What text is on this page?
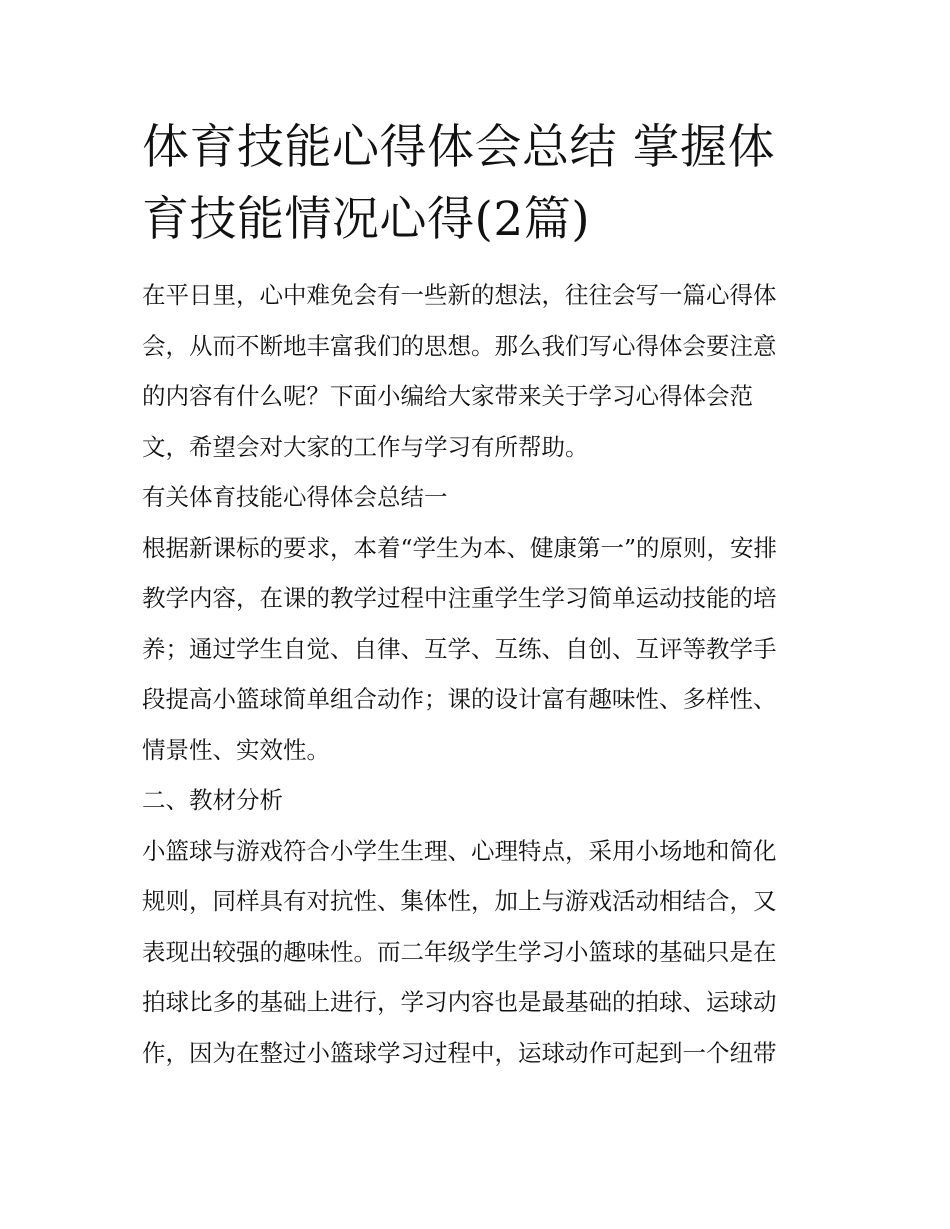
体育技能心得体会总结 掌握体
育技能情况心得(2篇)
在平日里，心中难免会有一些新的想法，往往会写一篇心得体
会，从而不断地丰富我们的思想。那么我们写心得体会要注意
的内容有什么呢？下面小编给大家带来关于学习心得体会范
文，希望会对大家的工作与学习有所帮助。
有关体育技能心得体会总结一
根据新课标的要求，本着“学生为本、健康第一”的原则，安排
教学内容，在课的教学过程中注重学生学习简单运动技能的培
养；通过学生自觉、自律、互学、互练、自创、互评等教学手
段提高小篮球简单组合动作；课的设计富有趣味性、多样性、
情景性、实效性。
二、教材分析
小篮球与游戏符合小学生生理、心理特点，采用小场地和简化
规则，同样具有对抗性、集体性，加上与游戏活动相结合，又
表现出较强的趣味性。而二年级学生学习小篮球的基础只是在
拍球比多的基础上进行，学习内容也是最基础的拍球、运球动
作，因为在整过小篮球学习过程中，运球动作可起到一个纽带
